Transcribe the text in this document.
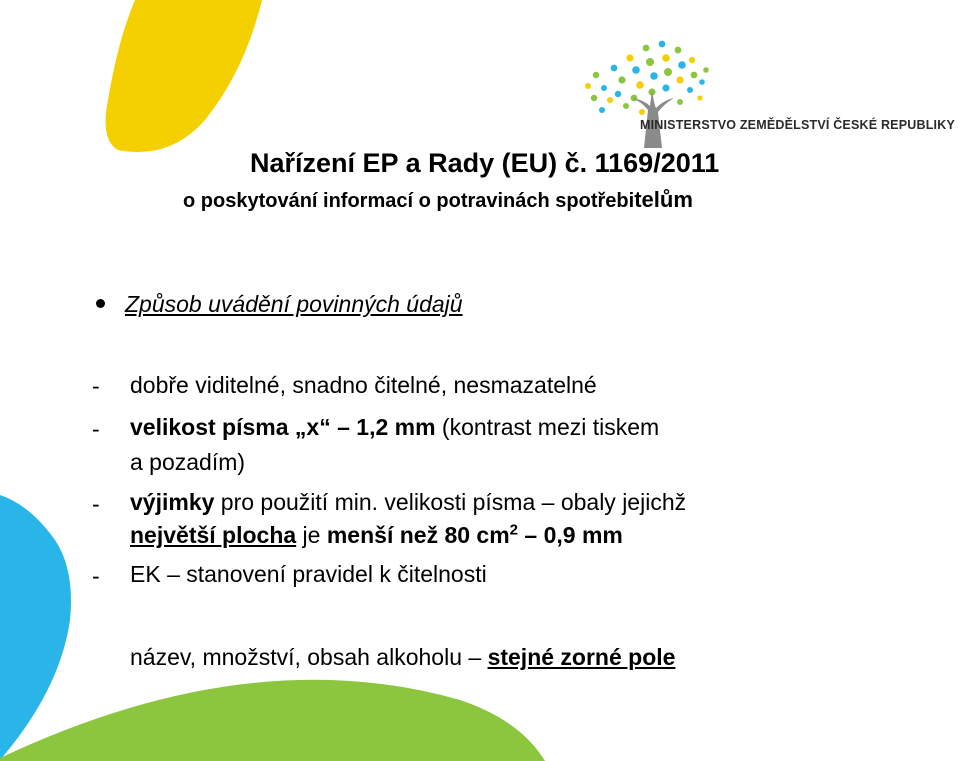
MINISTERSTVO ZEMĚDĚLSTVÍ ČESKÉ REPUBLIKY
Nařízení EP a Rady (EU) č. 1169/2011
o poskytování informací o potravinách spotřebitelům
Způsob uvádění povinných údajů
- dobře viditelné, snadno čitelné, nesmazatelné
- velikost písma „x“ – 1,2 mm (kontrast mezi tiskem
a pozadím)
- výjimky pro použití min. velikosti písma – obaly jejichž
největší plocha je menší než 80 $cm^2 - 0,9$ mm
- EK – stanovení pravidel k čitelnosti
název, množství, obsah alkoholu – stejné zorné pole
